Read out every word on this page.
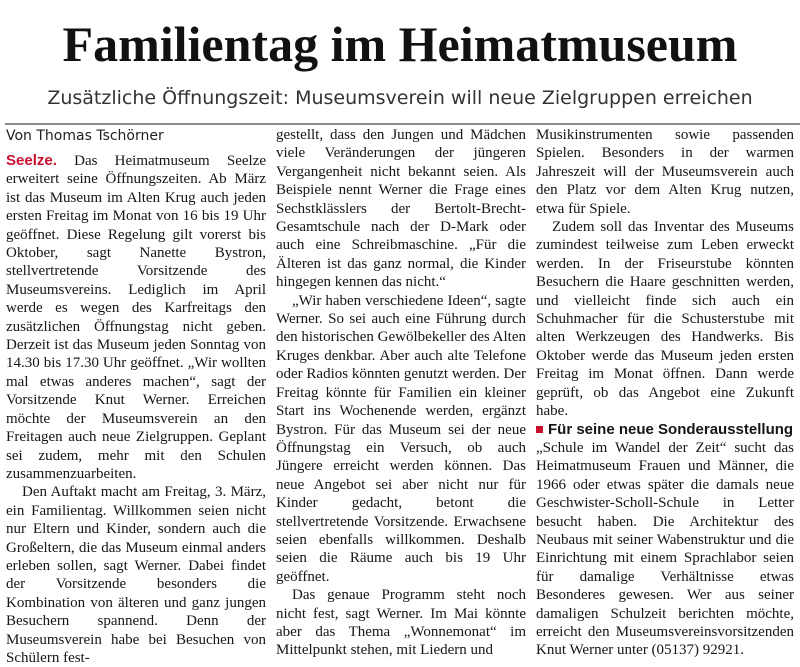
Familientag im Heimatmuseum
Zusätzliche Öffnungszeit: Museumsverein will neue Zielgruppen erreichen
Von Thomas Tschörner

Seelze. Das Heimatmuseum Seelze erweitert seine Öffnungszeiten. Ab März ist das Museum im Alten Krug auch jeden ersten Freitag im Monat von 16 bis 19 Uhr geöffnet. Diese Regelung gilt vorerst bis Oktober, sagt Nanette Bystron, stellvertretende Vorsitzende des Museumsvereins. Lediglich im April werde es wegen des Karfreitags den zusätzlichen Öffnungstag nicht geben. Derzeit ist das Museum jeden Sonntag von 14.30 bis 17.30 Uhr geöffnet. „Wir wollten mal etwas anderes machen“, sagt der Vorsitzende Knut Werner. Erreichen möchte der Museumsverein an den Freitagen auch neue Zielgruppen. Geplant sei zudem, mehr mit den Schulen zusammenzuarbeiten.

Den Auftakt macht am Freitag, 3. März, ein Familientag. Willkommen seien nicht nur Eltern und Kinder, sondern auch die Großeltern, die das Museum einmal anders erleben sollen, sagt Werner. Dabei findet der Vorsitzende besonders die Kombination von älteren und ganz jungen Besuchern spannend. Denn der Museumsverein habe bei Besuchen von Schülern fest-

gestellt, dass den Jungen und Mädchen viele Veränderungen der jüngeren Vergangenheit nicht bekannt seien. Als Beispiele nennt Werner die Frage eines Sechstklässlers der Bertolt-Brecht-Gesamtschule nach der D-Mark oder auch eine Schreibmaschine. „Für die Älteren ist das ganz normal, die Kinder hingegen kennen das nicht.“

„Wir haben verschiedene Ideen“, sagte Werner. So sei auch eine Führung durch den historischen Gewölbekeller des Alten Kruges denkbar. Aber auch alte Telefone oder Radios könnten genutzt werden. Der Freitag könnte für Familien ein kleiner Start ins Wochenende werden, ergänzt Bystron. Für das Museum sei der neue Öffnungstag ein Versuch, ob auch Jüngere erreicht werden können. Das neue Angebot sei aber nicht nur für Kinder gedacht, betont die stellvertretende Vorsitzende. Erwachsene seien ebenfalls willkommen. Deshalb seien die Räume auch bis 19 Uhr geöffnet.

Das genaue Programm steht noch nicht fest, sagt Werner. Im Mai könnte aber das Thema „Wonnemonat“ im Mittelpunkt stehen, mit Liedern und

Musikinstrumenten sowie passenden Spielen. Besonders in der warmen Jahreszeit will der Museumsverein auch den Platz vor dem Alten Krug nutzen, etwa für Spiele.

Zudem soll das Inventar des Museums zumindest teilweise zum Leben erweckt werden. In der Friseurstube könnten Besuchern die Haare geschnitten werden, und vielleicht finde sich auch ein Schuhmacher für die Schusterstube mit alten Werkzeugen des Handwerks. Bis Oktober werde das Museum jeden ersten Freitag im Monat öffnen. Dann werde geprüft, ob das Angebot eine Zukunft habe.

Für seine neue Sonderausstellung

„Schule im Wandel der Zeit“ sucht das Heimatmuseum Frauen und Männer, die 1966 oder etwas später die damals neue Geschwister-Scholl-Schule in Letter besucht haben. Die Architektur des Neubaus mit seiner Wabenstruktur und die Einrichtung mit einem Sprachlabor seien für damalige Verhältnisse etwas Besonderes gewesen. Wer aus seiner damaligen Schulzeit berichten möchte, erreicht den Museumsvereinsvorsitzenden Knut Werner unter (05137) 92921.
